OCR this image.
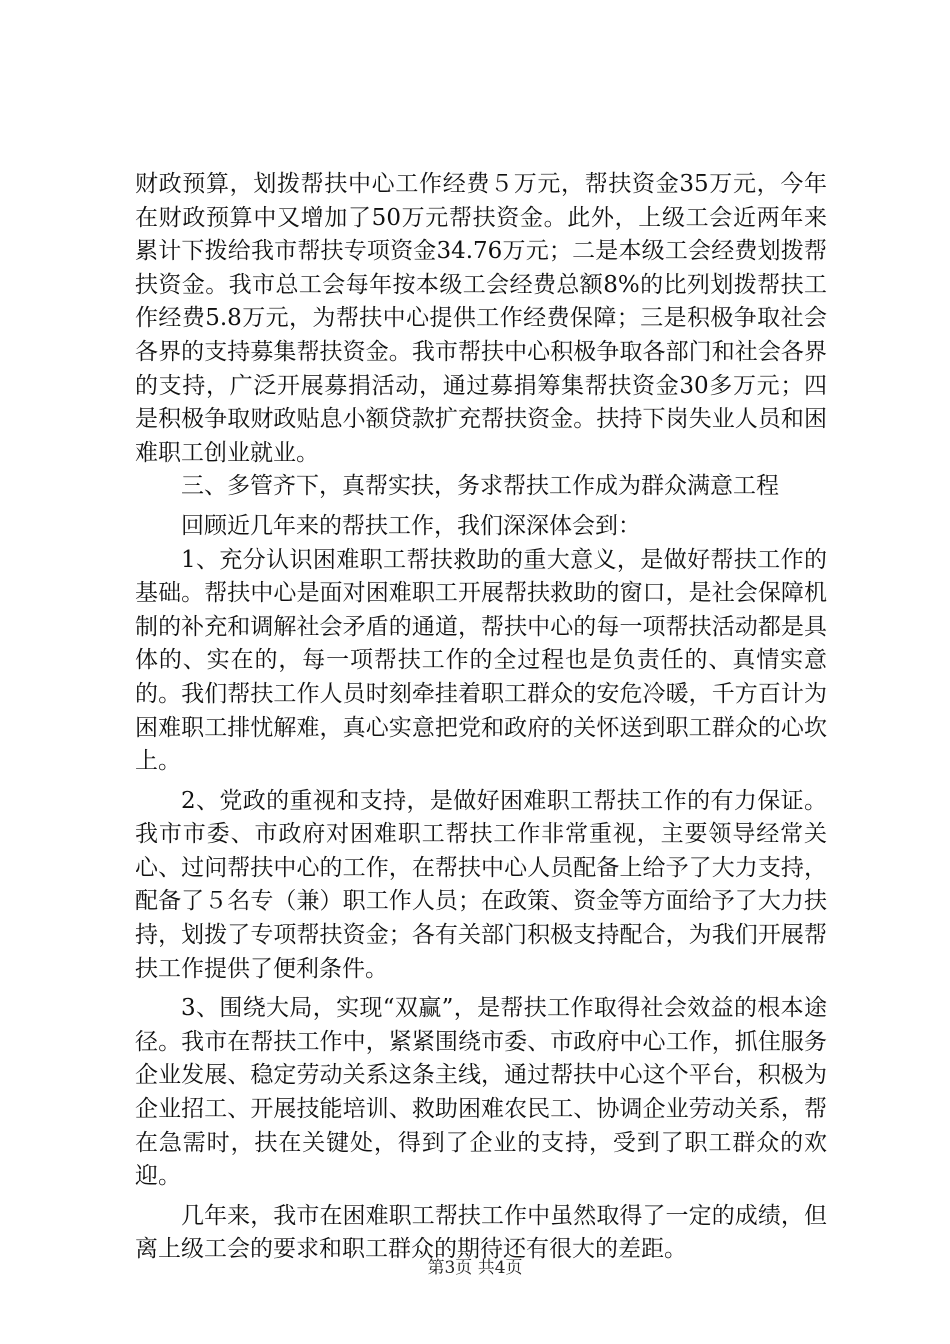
财政预算，划拨帮扶中心工作经费５万元，帮扶资金35万元，今年在财政预算中又增加了50万元帮扶资金。此外，上级工会近两年来累计下拨给我市帮扶专项资金34.76万元；二是本级工会经费划拨帮扶资金。我市总工会每年按本级工会经费总额8%的比列划拨帮扶工作经费5.8万元，为帮扶中心提供工作经费保障；三是积极争取社会各界的支持募集帮扶资金。我市帮扶中心积极争取各部门和社会各界的支持，广泛开展募捐活动，通过募捐筹集帮扶资金30多万元；四是积极争取财政贴息小额贷款扩充帮扶资金。扶持下岗失业人员和困难职工创业就业。

三、多管齐下，真帮实扶，务求帮扶工作成为群众满意工程

回顾近几年来的帮扶工作，我们深深体会到：

1、充分认识困难职工帮扶救助的重大意义，是做好帮扶工作的基础。帮扶中心是面对困难职工开展帮扶救助的窗口，是社会保障机制的补充和调解社会矛盾的通道，帮扶中心的每一项帮扶活动都是具体的、实在的，每一项帮扶工作的全过程也是负责任的、真情实意的。我们帮扶工作人员时刻牵挂着职工群众的安危冷暖，千方百计为困难职工排忧解难，真心实意把党和政府的关怀送到职工群众的心坎上。

2、党政的重视和支持，是做好困难职工帮扶工作的有力保证。我市市委、市政府对困难职工帮扶工作非常重视，主要领导经常关心、过问帮扶中心的工作，在帮扶中心人员配备上给予了大力支持，配备了５名专（兼）职工作人员；在政策、资金等方面给予了大力扶持，划拨了专项帮扶资金；各有关部门积极支持配合，为我们开展帮扶工作提供了便利条件。

3、围绕大局，实现“双赢”，是帮扶工作取得社会效益的根本途径。我市在帮扶工作中，紧紧围绕市委、市政府中心工作，抓住服务企业发展、稳定劳动关系这条主线，通过帮扶中心这个平台，积极为企业招工、开展技能培训、救助困难农民工、协调企业劳动关系，帮在急需时，扶在关键处，得到了企业的支持，受到了职工群众的欢迎。

几年来，我市在困难职工帮扶工作中虽然取得了一定的成绩，但离上级工会的要求和职工群众的期待还有很大的差距。

第3页 共4页
